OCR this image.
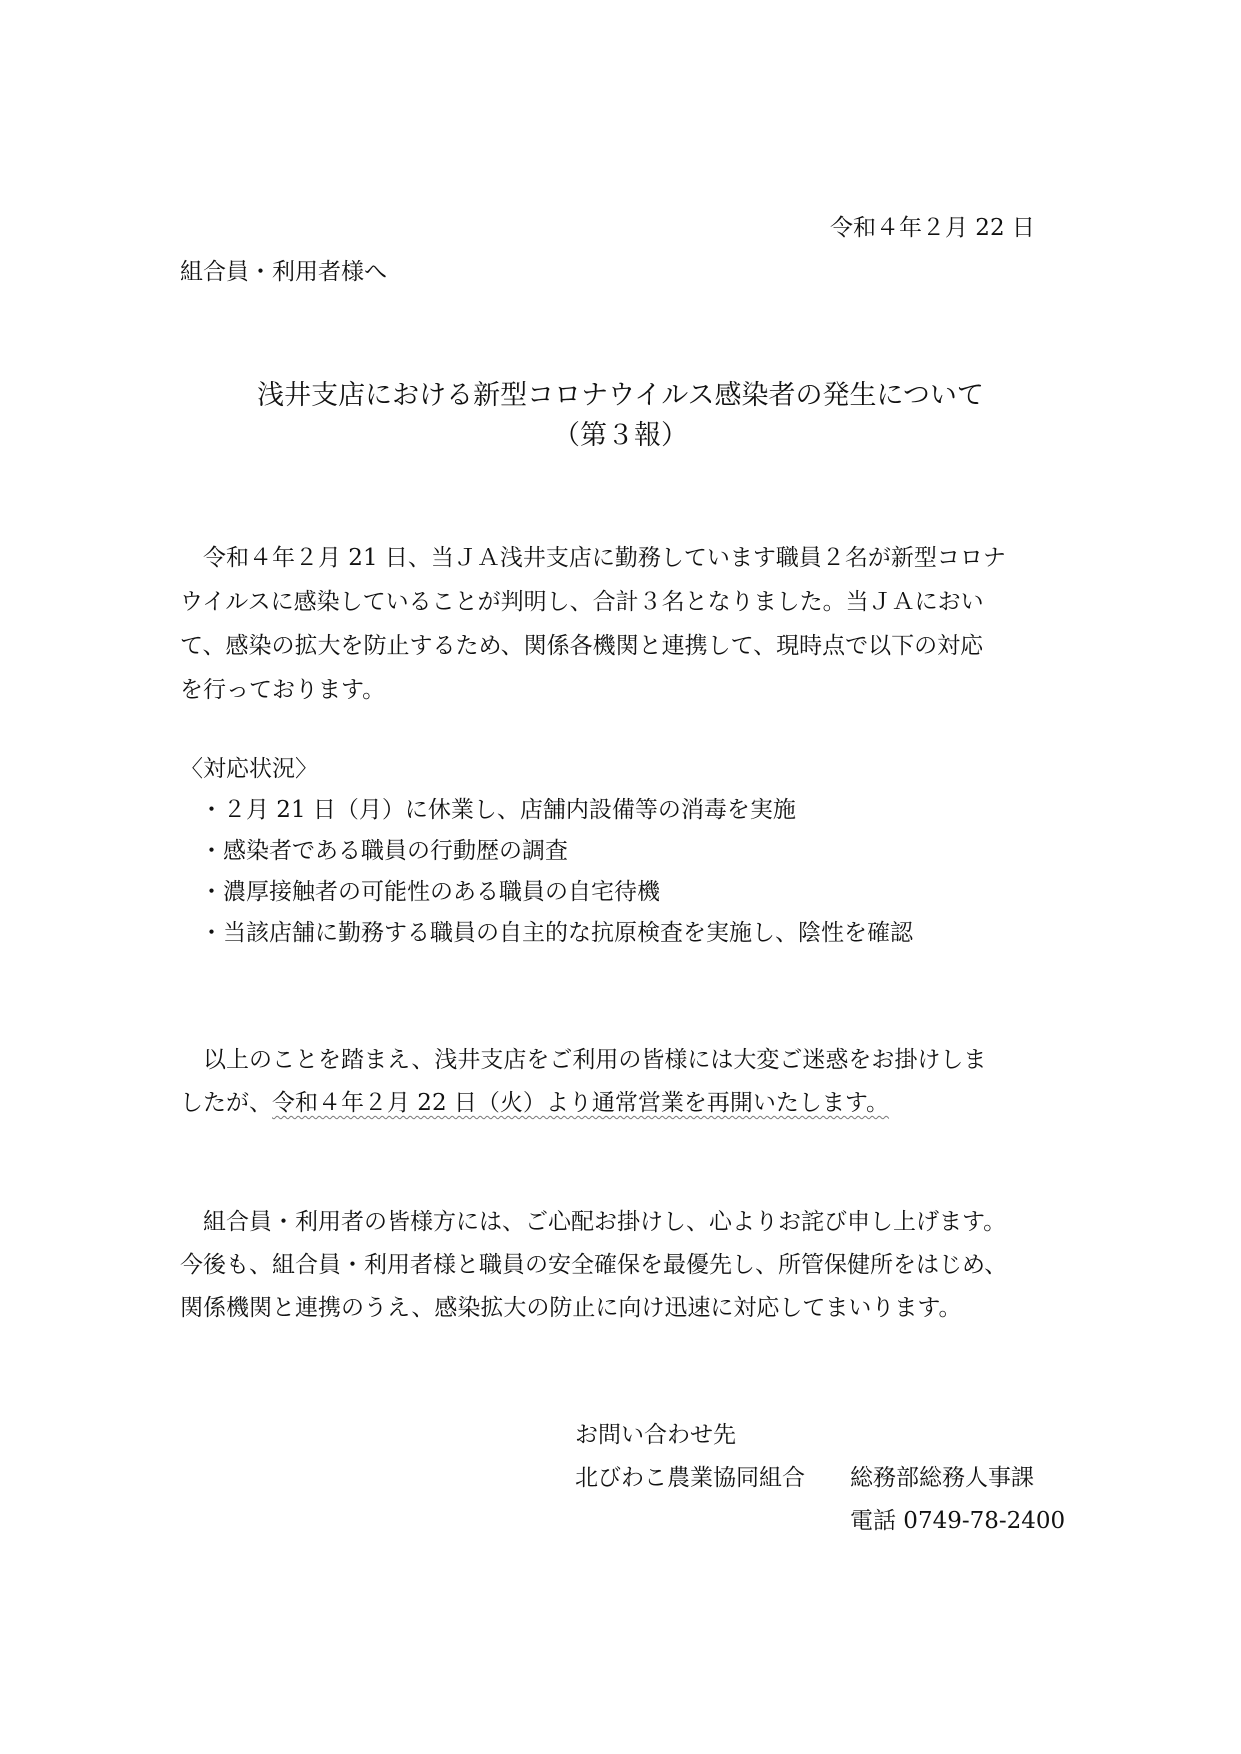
令和４年２月 22 日
組合員・利用者様へ
浅井支店における新型コロナウイルス感染者の発生について
（第３報）
令和４年２月 21 日、当ＪＡ浅井支店に勤務しています職員２名が新型コロナ
ウイルスに感染していることが判明し、合計３名となりました。当ＪＡにおい
て、感染の拡大を防止するため、関係各機関と連携して、現時点で以下の対応
を行っております。
〈対応状況〉
・２月 21 日（月）に休業し、店舗内設備等の消毒を実施
・感染者である職員の行動歴の調査
・濃厚接触者の可能性のある職員の自宅待機
・当該店舗に勤務する職員の自主的な抗原検査を実施し、陰性を確認
以上のことを踏まえ、浅井支店をご利用の皆様には大変ご迷惑をお掛けしま
したが、令和４年２月 22 日（火）より通常営業を再開いたします。
組合員・利用者の皆様方には、ご心配お掛けし、心よりお詫び申し上げます。
今後も、組合員・利用者様と職員の安全確保を最優先し、所管保健所をはじめ、
関係機関と連携のうえ、感染拡大の防止に向け迅速に対応してまいります。
お問い合わせ先
北びわこ農業協同組合 総務部総務人事課
電話 0749-78-2400
